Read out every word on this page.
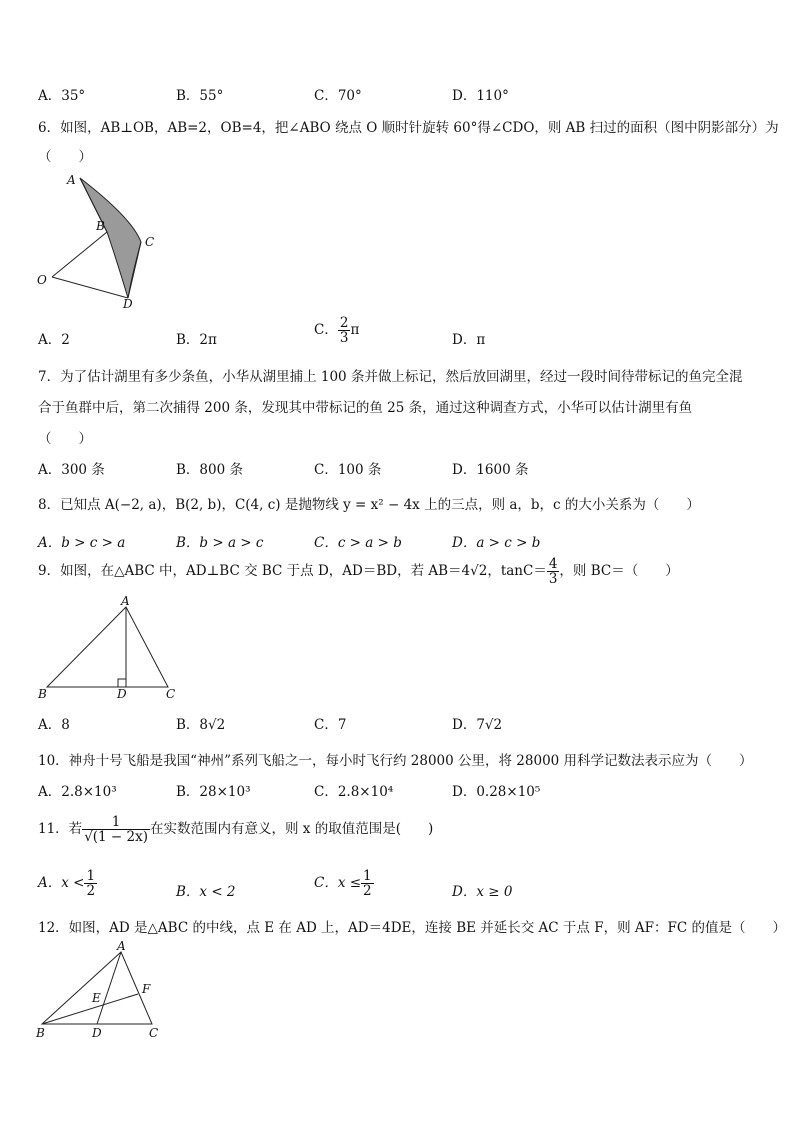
A．35°	B．55°	C．70°	D．110°
6．如图，AB⊥OB，AB=2，OB=4，把∠ABO 绕点 O 顺时针旋转 60°得∠CDO，则 AB 扫过的面积（图中阴影部分）为
（　　）
A
B
C
O
D
A．2	B．2π
C． $\frac{2}{3}$ π
D．π
7．为了估计湖里有多少条鱼，小华从湖里捕上 100 条并做上标记，然后放回湖里，经过一段时间待带标记的鱼完全混
合于鱼群中后，第二次捕得 200 条，发现其中带标记的鱼 25 条，通过这种调查方式，小华可以估计湖里有鱼
（　　）
A．300 条	B．800 条	C．100 条	D．1600 条
8．已知点 A(−2, a)，B(2, b)，C(4, c) 是抛物线 y = x² − 4x 上的三点，则 a，b，c 的大小关系为（　　）
A．b > c > a	B．b > a > c	C．c > a > b	D．a > c > b
9．如图，在△ABC 中，AD⊥BC 交 BC 于点 D，AD＝BD，若 AB＝4√2，$\tan C= \frac{4}{3}$ ，则 BC＝（　　）
A
B	D	C
A．8	B．8√2	C．7	D．7√2
10．神舟十号飞船是我国“神州”系列飞船之一，每小时飞行约 28000 公里，将 28000 用科学记数法表示应为（　　）
A．2.8×10³	B．28×10³	C．2.8×10⁴	D．0.28×10⁵
11．若 $\frac{1}{√(1 - 2x)}$ 在实数范围内有意义，则 x 的取值范围是(　　)
A．$x < \frac{1}{2}$	B．x < 2
C．$x \le \frac{1}{2}$	D．x ≥ 0
12．如图，AD 是△ABC 的中线，点 E 在 AD 上，AD＝4DE，连接 BE 并延长交 AC 于点 F，则 AF：FC 的值是（　　）
A
E
F
B	D	C
